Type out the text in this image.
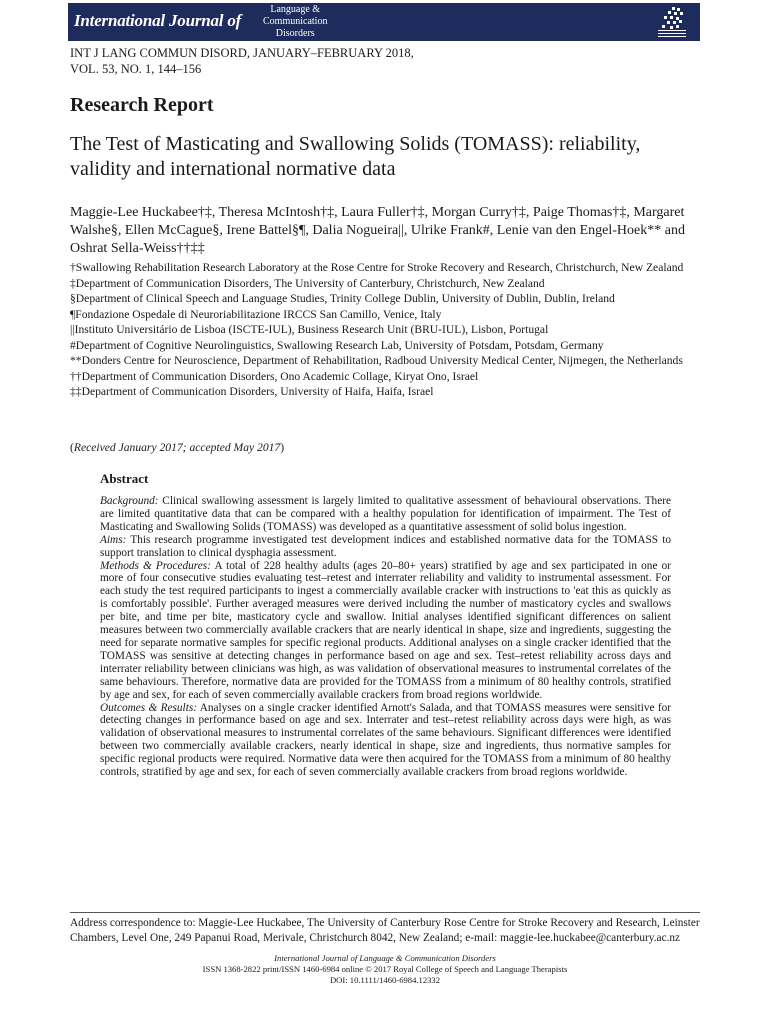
International Journal of
Language &
Communication
Disorders
INT J LANG COMMUN DISORD, JANUARY–FEBRUARY 2018,
VOL. 53, NO. 1, 144–156
Research Report
The Test of Masticating and Swallowing Solids (TOMASS): reliability, validity and international normative data
Maggie-Lee Huckabee†‡, Theresa McIntosh†‡, Laura Fuller†‡, Morgan Curry†‡, Paige Thomas†‡, Margaret Walshe§, Ellen McCague§, Irene Battel§¶, Dalia Nogueira||, Ulrike Frank#, Lenie van den Engel-Hoek** and Oshrat Sella-Weiss††‡‡
†Swallowing Rehabilitation Research Laboratory at the Rose Centre for Stroke Recovery and Research, Christchurch, New Zealand
‡Department of Communication Disorders, The University of Canterbury, Christchurch, New Zealand
§Department of Clinical Speech and Language Studies, Trinity College Dublin, University of Dublin, Dublin, Ireland
¶Fondazione Ospedale di Neuroriabilitazione IRCCS San Camillo, Venice, Italy
||Instituto Universitário de Lisboa (ISCTE-IUL), Business Research Unit (BRU-IUL), Lisbon, Portugal
#Department of Cognitive Neurolinguistics, Swallowing Research Lab, University of Potsdam, Potsdam, Germany
**Donders Centre for Neuroscience, Department of Rehabilitation, Radboud University Medical Center, Nijmegen, the Netherlands
††Department of Communication Disorders, Ono Academic Collage, Kiryat Ono, Israel
‡‡Department of Communication Disorders, University of Haifa, Haifa, Israel
(Received January 2017; accepted May 2017)
Abstract

Background: Clinical swallowing assessment is largely limited to qualitative assessment of behavioural observations. There are limited quantitative data that can be compared with a healthy population for identification of impairment. The Test of Masticating and Swallowing Solids (TOMASS) was developed as a quantitative assessment of solid bolus ingestion.

Aims: This research programme investigated test development indices and established normative data for the TOMASS to support translation to clinical dysphagia assessment.

Methods & Procedures: A total of 228 healthy adults (ages 20–80+ years) stratified by age and sex participated in one or more of four consecutive studies evaluating test–retest and interrater reliability and validity to instrumental assessment. For each study the test required participants to ingest a commercially available cracker with instructions to 'eat this as quickly as is comfortably possible'. Further averaged measures were derived including the number of masticatory cycles and swallows per bite, and time per bite, masticatory cycle and swallow. Initial analyses identified significant differences on salient measures between two commercially available crackers that are nearly identical in shape, size and ingredients, suggesting the need for separate normative samples for specific regional products. Additional analyses on a single cracker identified that the TOMASS was sensitive at detecting changes in performance based on age and sex. Test–retest reliability across days and interrater reliability between clinicians was high, as was validation of observational measures to instrumental correlates of the same behaviours. Therefore, normative data are provided for the TOMASS from a minimum of 80 healthy controls, stratified by age and sex, for each of seven commercially available crackers from broad regions worldwide.

Outcomes & Results: Analyses on a single cracker identified Arnott's Salada, and that TOMASS measures were sensitive for detecting changes in performance based on age and sex. Interrater and test–retest reliability across days were high, as was validation of observational measures to instrumental correlates of the same behaviours. Significant differences were identified between two commercially available crackers, nearly identical in shape, size and ingredients, thus normative samples for specific regional products were required. Normative data were then acquired for the TOMASS from a minimum of 80 healthy controls, stratified by age and sex, for each of seven commercially available crackers from broad regions worldwide.

Address correspondence to: Maggie-Lee Huckabee, The University of Canterbury Rose Centre for Stroke Recovery and Research, Leinster Chambers, Level One, 249 Papanui Road, Merivale, Christchurch 8042, New Zealand; e-mail: maggie-lee.huckabee@canterbury.ac.nz
International Journal of Language & Communication Disorders
ISSN 1368-2822 print/ISSN 1460-6984 online © 2017 Royal College of Speech and Language Therapists
DOI: 10.1111/1460-6984.12332
